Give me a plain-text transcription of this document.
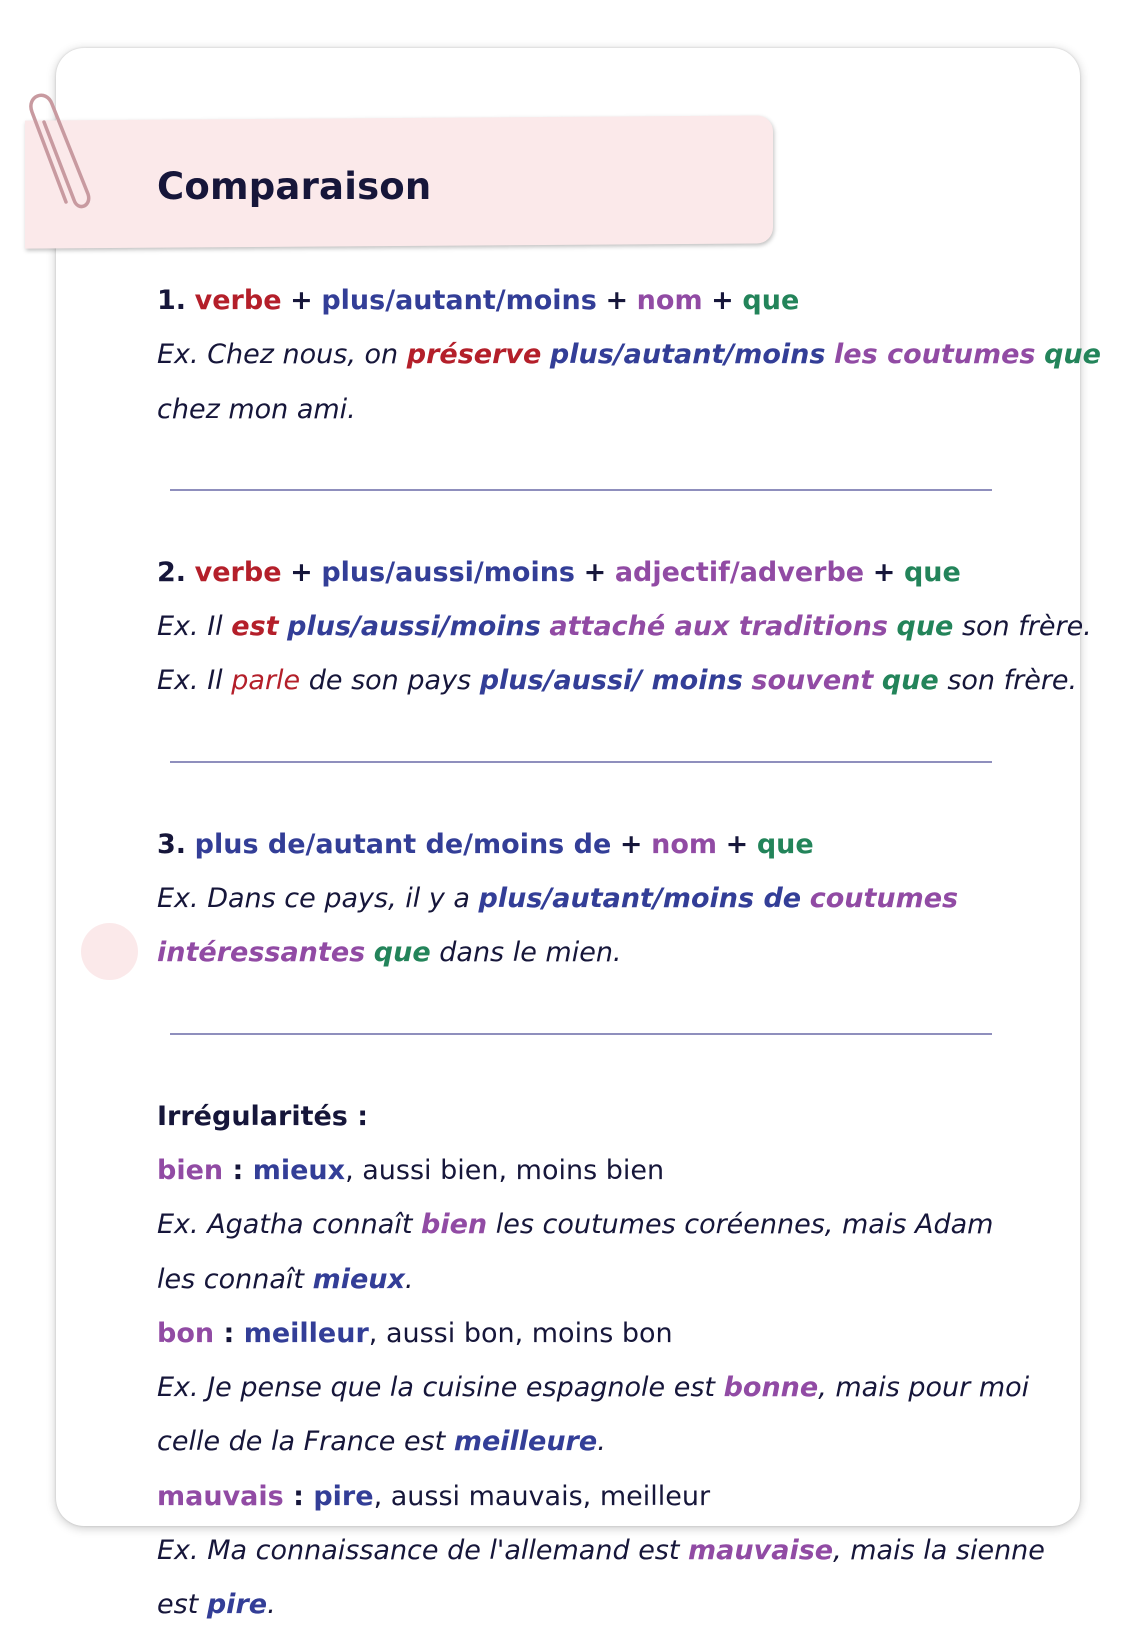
Comparaison
1. verbe + plus/autant/moins + nom + que
Ex. Chez nous, on préserve plus/autant/moins les coutumes que
chez mon ami.
2. verbe + plus/aussi/moins + adjectif/adverbe + que
Ex. Il est plus/aussi/moins attaché aux traditions que son frère.
Ex. Il parle de son pays plus/aussi/ moins souvent que son frère.
3. plus de/autant de/moins de + nom + que
Ex. Dans ce pays, il y a plus/autant/moins de coutumes
intéressantes que dans le mien.
Irrégularités :
bien : mieux, aussi bien, moins bien
Ex. Agatha connaît bien les coutumes coréennes, mais Adam
les connaît mieux.
bon : meilleur, aussi bon, moins bon
Ex. Je pense que la cuisine espagnole est bonne, mais pour moi
celle de la France est meilleure.
mauvais : pire, aussi mauvais, meilleur
Ex. Ma connaissance de l'allemand est mauvaise, mais la sienne
est pire.
